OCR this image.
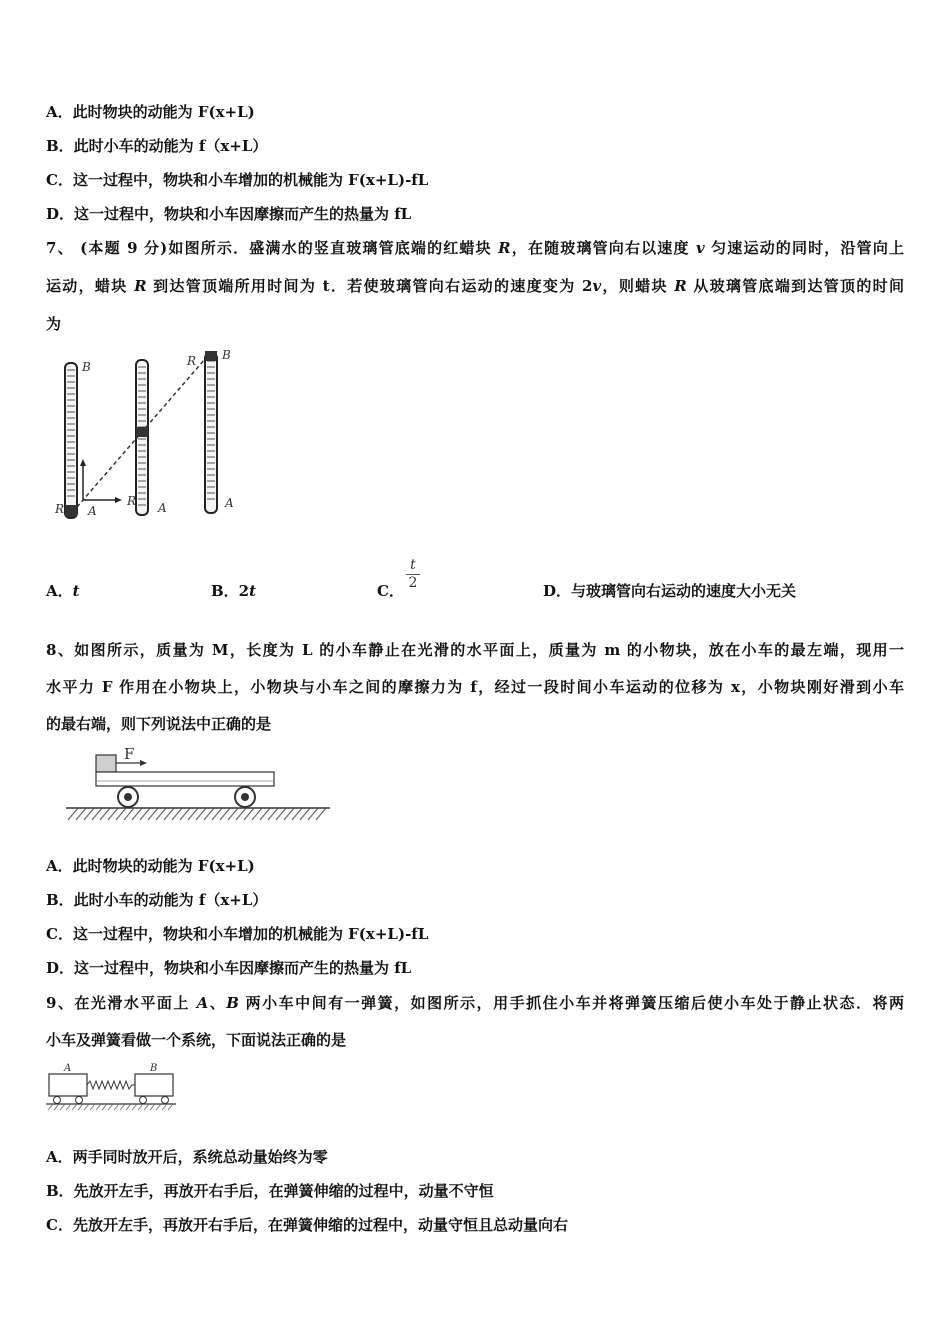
A．此时物块的动能为 F(x+L)
B．此时小车的动能为 f（x+L）
C．这一过程中，物块和小车增加的机械能为 F(x+L)-fL
D．这一过程中，物块和小车因摩擦而产生的热量为 fL
7、 (本题 9 分)如图所示．盛满水的竖直玻璃管底端的红蜡块 R，在随玻璃管向右以速度 v 匀速运动的同时，沿管向上
运动，蜡块 R 到达管顶端所用时间为 t．若使玻璃管向右运动的速度变为 2v，则蜡块 R 从玻璃管底端到达管顶的时间
为
B
R A
R A
R B
A
A．t	B．2t	C．
t
2	D．与玻璃管向右运动的速度大小无关
8、如图所示，质量为 M，长度为 L 的小车静止在光滑的水平面上，质量为 m 的小物块，放在小车的最左端，现用一
水平力 F 作用在小物块上，小物块与小车之间的摩擦力为 f，经过一段时间小车运动的位移为 x，小物块刚好滑到小车
的最右端，则下列说法中正确的是
F
A．此时物块的动能为 F(x+L)
B．此时小车的动能为 f（x+L）
C．这一过程中，物块和小车增加的机械能为 F(x+L)-fL
D．这一过程中，物块和小车因摩擦而产生的热量为 fL
9、在光滑水平面上 A、B 两小车中间有一弹簧，如图所示，用手抓住小车并将弹簧压缩后使小车处于静止状态．将两
小车及弹簧看做一个系统，下面说法正确的是
A	B
A．两手同时放开后，系统总动量始终为零
B．先放开左手，再放开右手后，在弹簧伸缩的过程中，动量不守恒
C．先放开左手，再放开右手后，在弹簧伸缩的过程中，动量守恒且总动量向右
